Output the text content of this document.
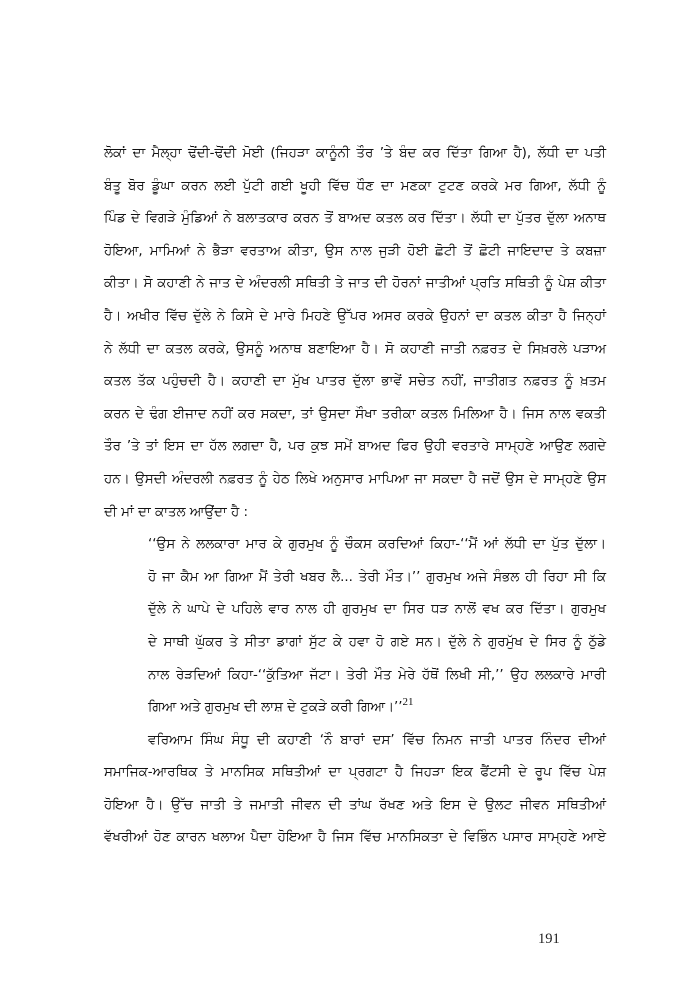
ਲੋਕਾਂ ਦਾ ਮੈਲ੍ਹਾ ਢੋਂਦੀ-ਢੋਂਦੀ ਮੋਈ (ਜਿਹੜਾ ਕਾਨੂੰਨੀ ਤੌਰ ’ਤੇ ਬੰਦ ਕਰ ਦਿੱਤਾ ਗਿਆ ਹੈ), ਲੱਧੀ ਦਾ ਪਤੀ
ਬੰਤੂ ਬੋਰ ਡੂੰਘਾ ਕਰਨ ਲਈ ਪੁੱਟੀ ਗਈ ਖੂਹੀ ਵਿੱਚ ਧੌਣ ਦਾ ਮਣਕਾ ਟੁਟਣ ਕਰਕੇ ਮਰ ਗਿਆ, ਲੱਧੀ ਨੂੰ
ਪਿੰਡ ਦੇ ਵਿਗੜੇ ਮੁੰਡਿਆਂ ਨੇ ਬਲਾਤਕਾਰ ਕਰਨ ਤੋਂ ਬਾਅਦ ਕਤਲ ਕਰ ਦਿੱਤਾ। ਲੱਧੀ ਦਾ ਪੁੱਤਰ ਦੁੱਲਾ ਅਨਾਥ
ਹੋਇਆ, ਮਾਮਿਆਂ ਨੇ ਭੈੜਾ ਵਰਤਾਅ ਕੀਤਾ, ਉਸ ਨਾਲ ਜੁੜੀ ਹੋਈ ਛੋਟੀ ਤੋਂ ਛੋਟੀ ਜਾਇਦਾਦ ਤੇ ਕਬਜ਼ਾ
ਕੀਤਾ। ਸੋ ਕਹਾਣੀ ਨੇ ਜਾਤ ਦੇ ਅੰਦਰਲੀ ਸਥਿਤੀ ਤੇ ਜਾਤ ਦੀ ਹੋਰਨਾਂ ਜਾਤੀਆਂ ਪ੍ਰਤਿ ਸਥਿਤੀ ਨੂੰ ਪੇਸ਼ ਕੀਤਾ
ਹੈ। ਅਖੀਰ ਵਿੱਚ ਦੁੱਲੇ ਨੇ ਕਿਸੇ ਦੇ ਮਾਰੇ ਮਿਹਣੇ ਉੱਪਰ ਅਸਰ ਕਰਕੇ ਉਹਨਾਂ ਦਾ ਕਤਲ ਕੀਤਾ ਹੈ ਜਿਨ੍ਹਾਂ
ਨੇ ਲੱਧੀ ਦਾ ਕਤਲ ਕਰਕੇ, ਉਸਨੂੰ ਅਨਾਥ ਬਣਾਇਆ ਹੈ। ਸੋ ਕਹਾਣੀ ਜਾਤੀ ਨਫ਼ਰਤ ਦੇ ਸਿਖ਼ਰਲੇ ਪੜਾਅ
ਕਤਲ ਤੱਕ ਪਹੁੰਚਦੀ ਹੈ। ਕਹਾਣੀ ਦਾ ਮੁੱਖ ਪਾਤਰ ਦੁੱਲਾ ਭਾਵੇਂ ਸਚੇਤ ਨਹੀਂ, ਜਾਤੀਗਤ ਨਫ਼ਰਤ ਨੂੰ ਖ਼ਤਮ
ਕਰਨ ਦੇ ਢੰਗ ਈਜਾਦ ਨਹੀਂ ਕਰ ਸਕਦਾ, ਤਾਂ ਉਸਦਾ ਸੌਖਾ ਤਰੀਕਾ ਕਤਲ ਮਿਲਿਆ ਹੈ। ਜਿਸ ਨਾਲ ਵਕਤੀ
ਤੌਰ ’ਤੇ ਤਾਂ ਇਸ ਦਾ ਹੱਲ ਲਗਦਾ ਹੈ, ਪਰ ਕੁਝ ਸਮੇਂ ਬਾਅਦ ਫਿਰ ਉਹੀ ਵਰਤਾਰੇ ਸਾਮ੍ਹਣੇ ਆਉਣ ਲਗਦੇ
ਹਨ। ਉਸਦੀ ਅੰਦਰਲੀ ਨਫ਼ਰਤ ਨੂੰ ਹੇਠ ਲਿਖੇ ਅਨੁਸਾਰ ਮਾਪਿਆ ਜਾ ਸਕਦਾ ਹੈ ਜਦੋਂ ਉਸ ਦੇ ਸਾਮ੍ਹਣੇ ਉਸ
ਦੀ ਮਾਂ ਦਾ ਕਾਤਲ ਆਉਂਦਾ ਹੈ :
‘‘ਉਸ ਨੇ ਲਲਕਾਰਾ ਮਾਰ ਕੇ ਗੁਰਮੁਖ ਨੂੰ ਚੌਕਸ ਕਰਦਿਆਂ ਕਿਹਾ-‘‘ਮੈਂ ਆਂ ਲੱਧੀ ਦਾ ਪੁੱਤ ਦੁੱਲਾ।
ਹੋ ਜਾ ਕੈਮ ਆ ਗਿਆ ਮੈਂ ਤੇਰੀ ਖਬਰ ਲੈ... ਤੇਰੀ ਮੌਤ।’’ ਗੁਰਮੁਖ ਅਜੇ ਸੰਭਲ ਹੀ ਰਿਹਾ ਸੀ ਕਿ
ਦੁੱਲੇ ਨੇ ਘਾਪੇ ਦੇ ਪਹਿਲੇ ਵਾਰ ਨਾਲ ਹੀ ਗੁਰਮੁਖ ਦਾ ਸਿਰ ਧੜ ਨਾਲੋਂ ਵਖ ਕਰ ਦਿੱਤਾ। ਗੁਰਮੁਖ
ਦੇ ਸਾਥੀ ਘੁੱਕਰ ਤੇ ਸੀਤਾ ਡਾਗਾਂ ਸੁੱਟ ਕੇ ਹਵਾ ਹੋ ਗਏ ਸਨ। ਦੁੱਲੇ ਨੇ ਗੁਰਮੁੱਖ ਦੇ ਸਿਰ ਨੂੰ ਠੁੱਡੇ
ਨਾਲ ਰੇੜਦਿਆਂ ਕਿਹਾ-‘‘ਕੁੱਤਿਆ ਜੱਟਾ। ਤੇਰੀ ਮੌਤ ਮੇਰੇ ਹੱਥੋਂ ਲਿਖੀ ਸੀ,’’ ਉਹ ਲਲਕਾਰੇ ਮਾਰੀ
ਗਿਆ ਅਤੇ ਗੁਰਮੁਖ ਦੀ ਲਾਸ਼ ਦੇ ਟੁਕੜੇ ਕਰੀ ਗਿਆ।’’$^{21}$
ਵਰਿਆਮ ਸਿੰਘ ਸੰਧੂ ਦੀ ਕਹਾਣੀ ‘ਨੌ ਬਾਰਾਂ ਦਸ’ ਵਿੱਚ ਨਿਮਨ ਜਾਤੀ ਪਾਤਰ ਨਿੰਦਰ ਦੀਆਂ
ਸਮਾਜਿਕ-ਆਰਥਿਕ ਤੇ ਮਾਨਸਿਕ ਸਥਿਤੀਆਂ ਦਾ ਪ੍ਰਗਟਾ ਹੈ ਜਿਹੜਾ ਇਕ ਫੈਂਟਸੀ ਦੇ ਰੂਪ ਵਿੱਚ ਪੇਸ਼
ਹੋਇਆ ਹੈ। ਉੱਚ ਜਾਤੀ ਤੇ ਜਮਾਤੀ ਜੀਵਨ ਦੀ ਤਾਂਘ ਰੱਖਣ ਅਤੇ ਇਸ ਦੇ ਉਲਟ ਜੀਵਨ ਸਥਿਤੀਆਂ
ਵੱਖਰੀਆਂ ਹੋਣ ਕਾਰਨ ਖਲਾਅ ਪੈਦਾ ਹੋਇਆ ਹੈ ਜਿਸ ਵਿੱਚ ਮਾਨਸਿਕਤਾ ਦੇ ਵਿਭਿੰਨ ਪਸਾਰ ਸਾਮ੍ਹਣੇ ਆਏ
191
